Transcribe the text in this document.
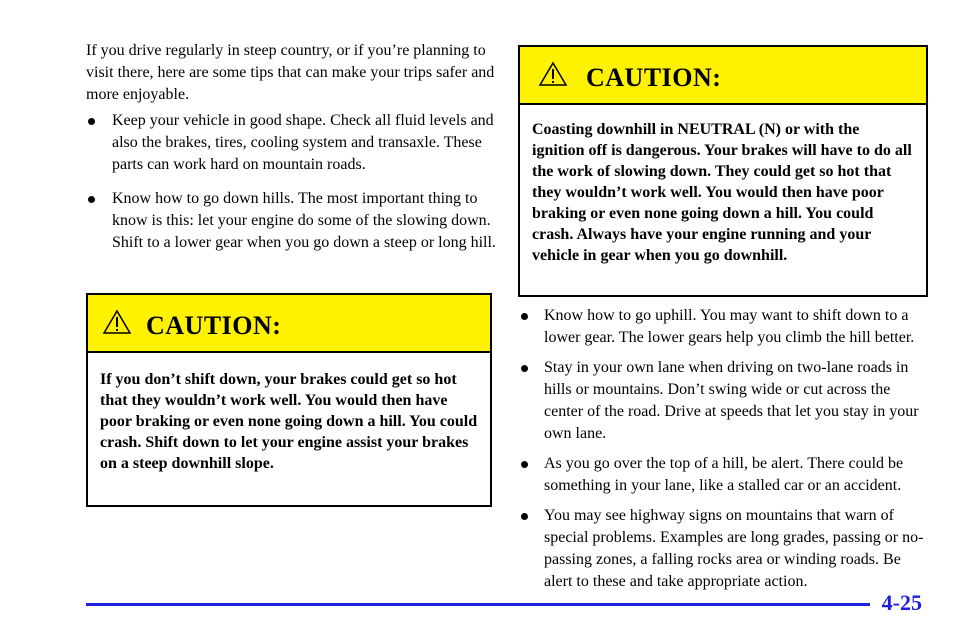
If you drive regularly in steep country, or if you’re planning to visit there, here are some tips that can make your trips safer and more enjoyable.
Keep your vehicle in good shape. Check all fluid levels and also the brakes, tires, cooling system and transaxle. These parts can work hard on mountain roads.
Know how to go down hills. The most important thing to know is this: let your engine do some of the slowing down. Shift to a lower gear when you go down a steep or long hill.
CAUTION:
If you don’t shift down, your brakes could get so hot that they wouldn’t work well. You would then have poor braking or even none going down a hill. You could crash. Shift down to let your engine assist your brakes on a steep downhill slope.
CAUTION:
Coasting downhill in NEUTRAL (N) or with the ignition off is dangerous. Your brakes will have to do all the work of slowing down. They could get so hot that they wouldn’t work well. You would then have poor braking or even none going down a hill. You could crash. Always have your engine running and your vehicle in gear when you go downhill.
Know how to go uphill. You may want to shift down to a lower gear. The lower gears help you climb the hill better.
Stay in your own lane when driving on two-lane roads in hills or mountains. Don’t swing wide or cut across the center of the road. Drive at speeds that let you stay in your own lane.
As you go over the top of a hill, be alert. There could be something in your lane, like a stalled car or an accident.
You may see highway signs on mountains that warn of special problems. Examples are long grades, passing or no-passing zones, a falling rocks area or winding roads. Be alert to these and take appropriate action.
4-25
